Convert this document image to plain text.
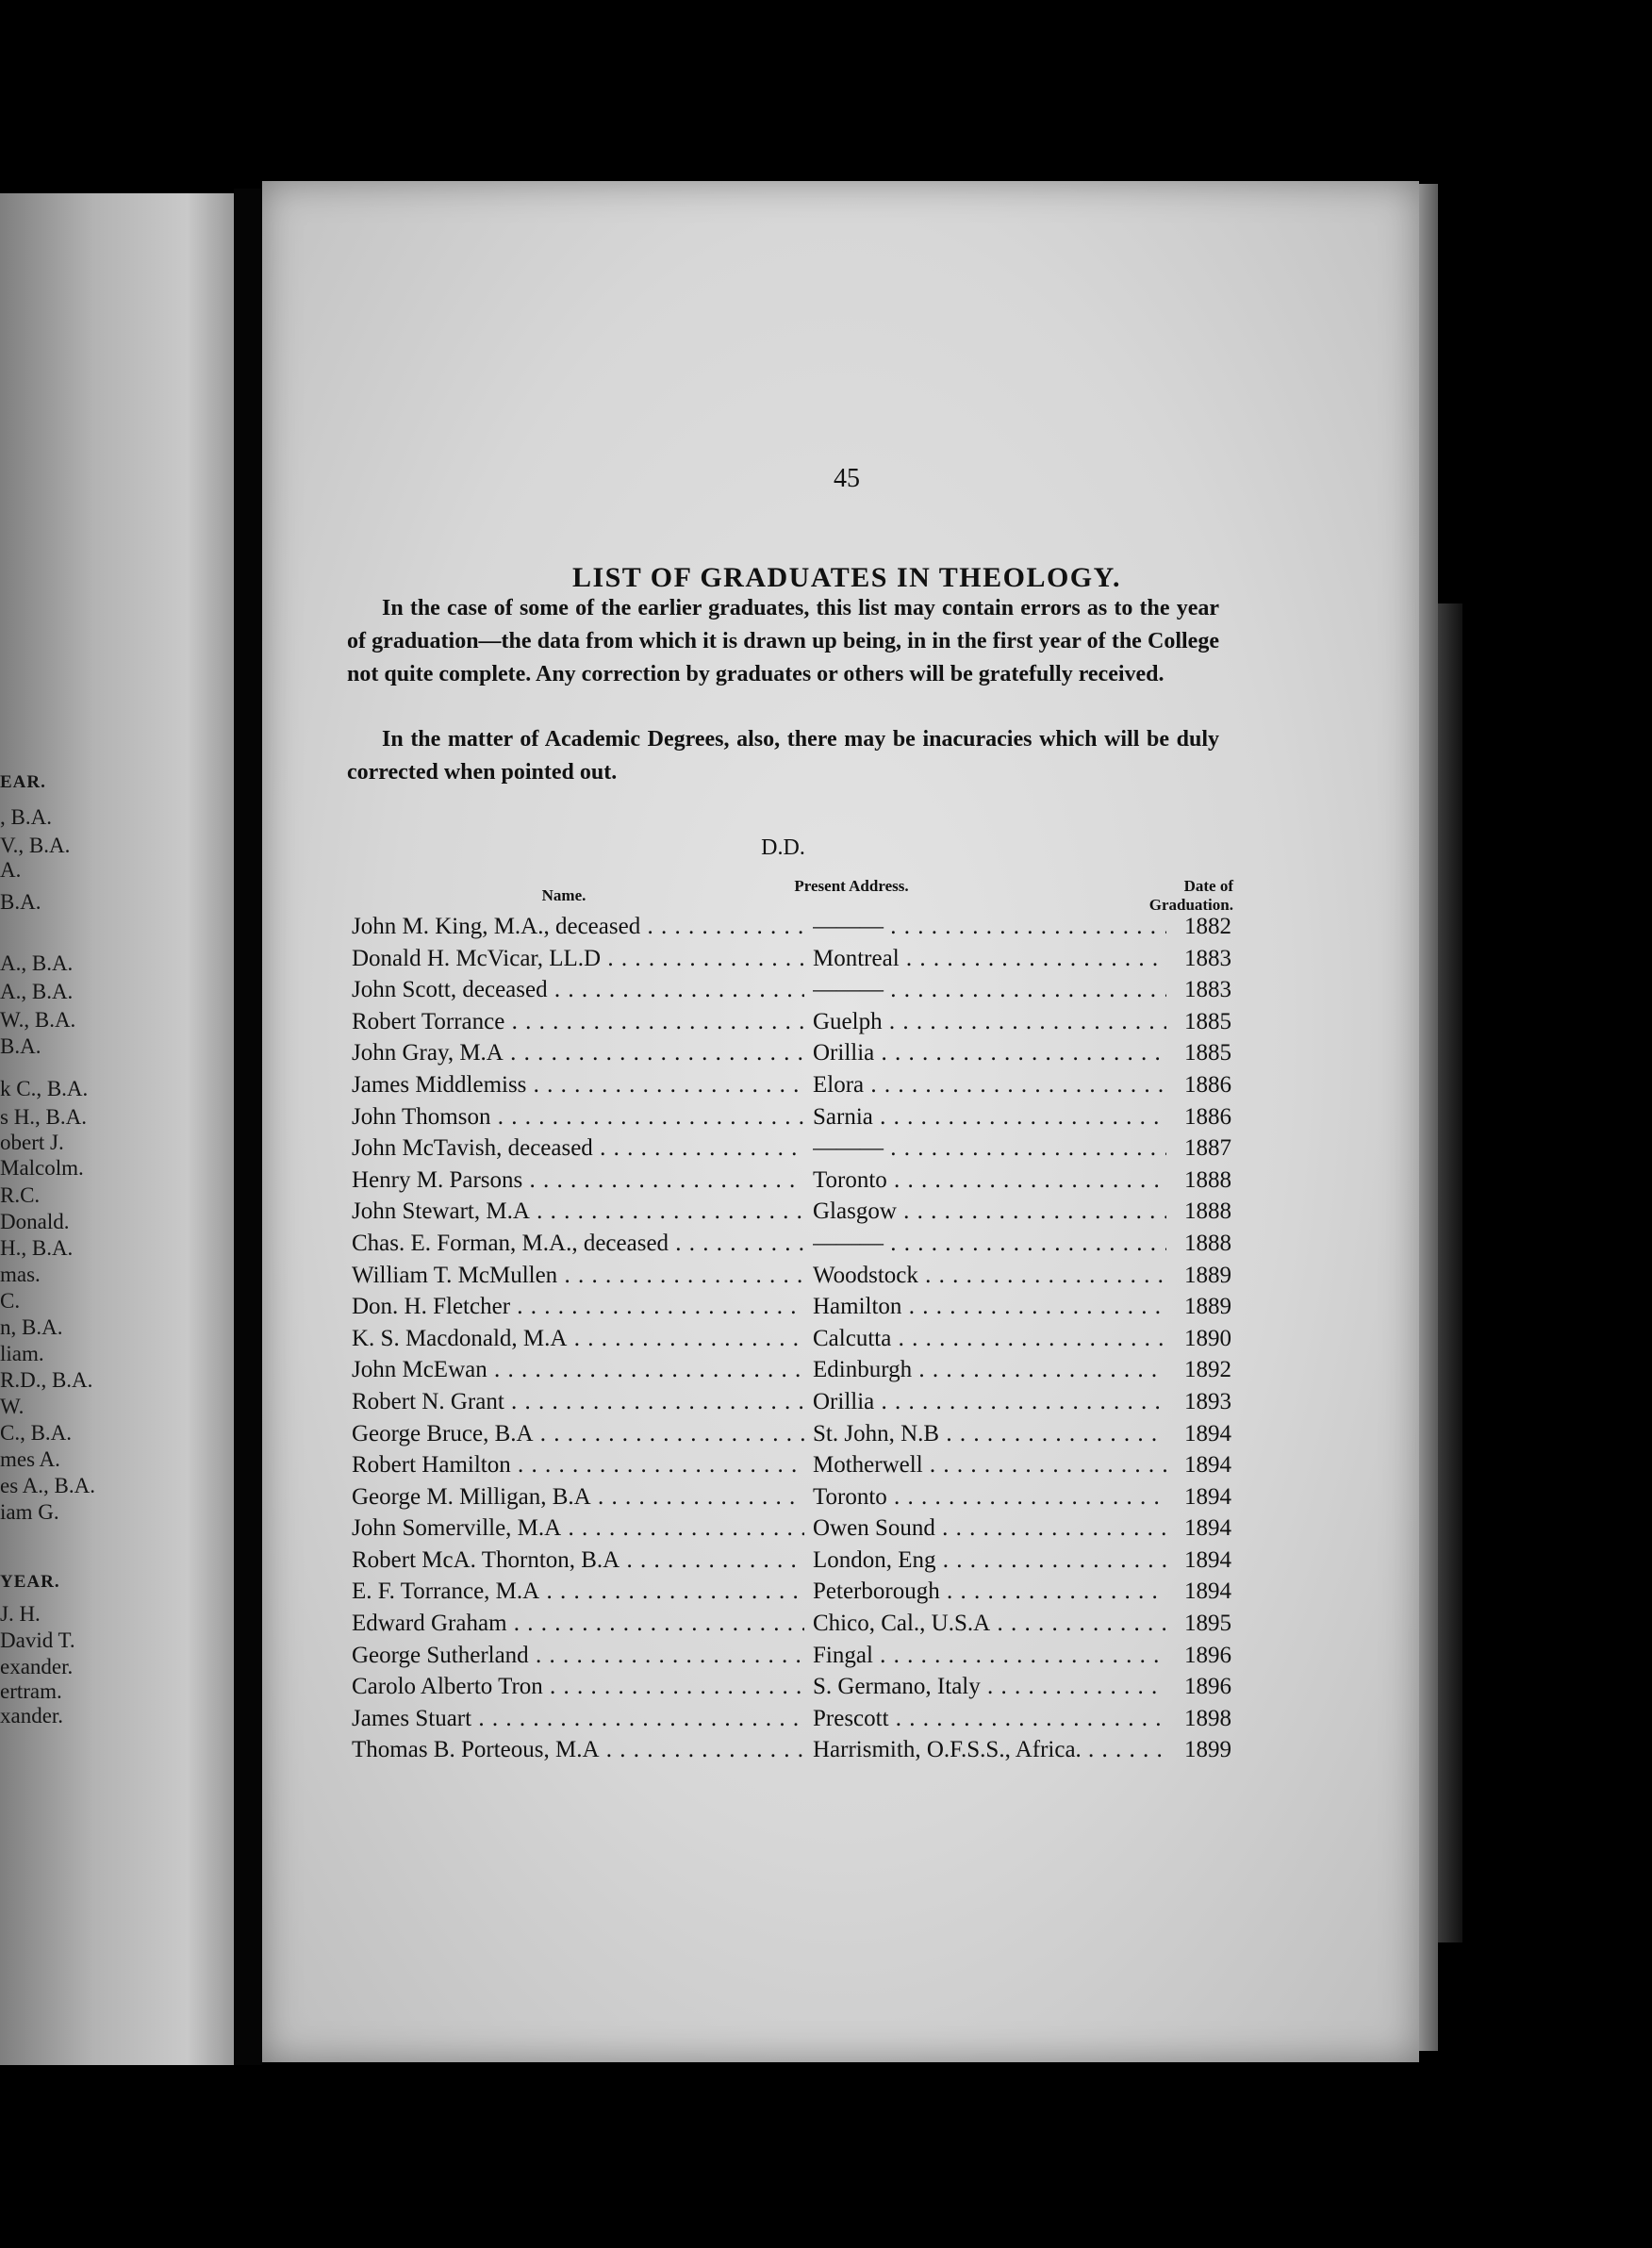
EAR.
, B.A.
V., B.A.
A.
B.A.
A., B.A.
A., B.A.
W., B.A.
B.A.
k C., B.A.
s H., B.A.
obert J.
Malcolm.
R.C.
Donald.
H., B.A.
mas.
C.
n, B.A.
liam.
R.D., B.A.
W.
C., B.A.
mes A.
es A., B.A.
iam G.
YEAR.
J. H.
David T.
exander.
ertram.
xander.
45
LIST OF GRADUATES IN THEOLOGY.
In the case of some of the earlier graduates, this list may contain errors as to the year of graduation—the data from which it is drawn up being, in in the first year of the College not quite complete. Any correction by graduates or others will be gratefully received.
In the matter of Academic Degrees, also, there may be inacuracies which will be duly corrected when pointed out.
D.D.
Name.
Present Address.	Date of Graduation.
John M. King, M.A., deceased . . .	——— . . .	1882
Donald H. McVicar, LL.D . . .	Montreal . . .	1883
John Scott, deceased . . .	——— . . .	1883
Robert Torrance . . .	Guelph . . .	1885
John Gray, M.A . . .	Orillia . . .	1885
James Middlemiss . . .	Elora . . .	1886
John Thomson . . .	Sarnia . . .	1886
John McTavish, deceased . . .	——— . . .	1887
Henry M. Parsons . . .	Toronto . . .	1888
John Stewart, M.A . . .	Glasgow . . .	1888
Chas. E. Forman, M.A., deceased . . .	——— . . .	1888
William T. McMullen . . .	Woodstock . . .	1889
Don. H. Fletcher . . .	Hamilton . . .	1889
K. S. Macdonald, M.A . . .	Calcutta . . .	1890
John McEwan . . .	Edinburgh . . .	1892
Robert N. Grant . . .	Orillia . . .	1893
George Bruce, B.A . . .	St. John, N.B . . .	1894
Robert Hamilton . . .	Motherwell . . .	1894
George M. Milligan, B.A . . .	Toronto . . .	1894
John Somerville, M.A . . .	Owen Sound . . .	1894
Robert McA. Thornton, B.A . . .	London, Eng . . .	1894
E. F. Torrance, M.A . . .	Peterborough . . .	1894
Edward Graham . . .	Chico, Cal., U.S.A . . .	1895
George Sutherland . . .	Fingal . . .	1896
Carolo Alberto Tron . . .	S. Germano, Italy . . .	1896
James Stuart . . .	Prescott . . .	1898
Thomas B. Porteous, M.A . . .	Harrismith, O.F.S.S., Africa. . . .	1899
